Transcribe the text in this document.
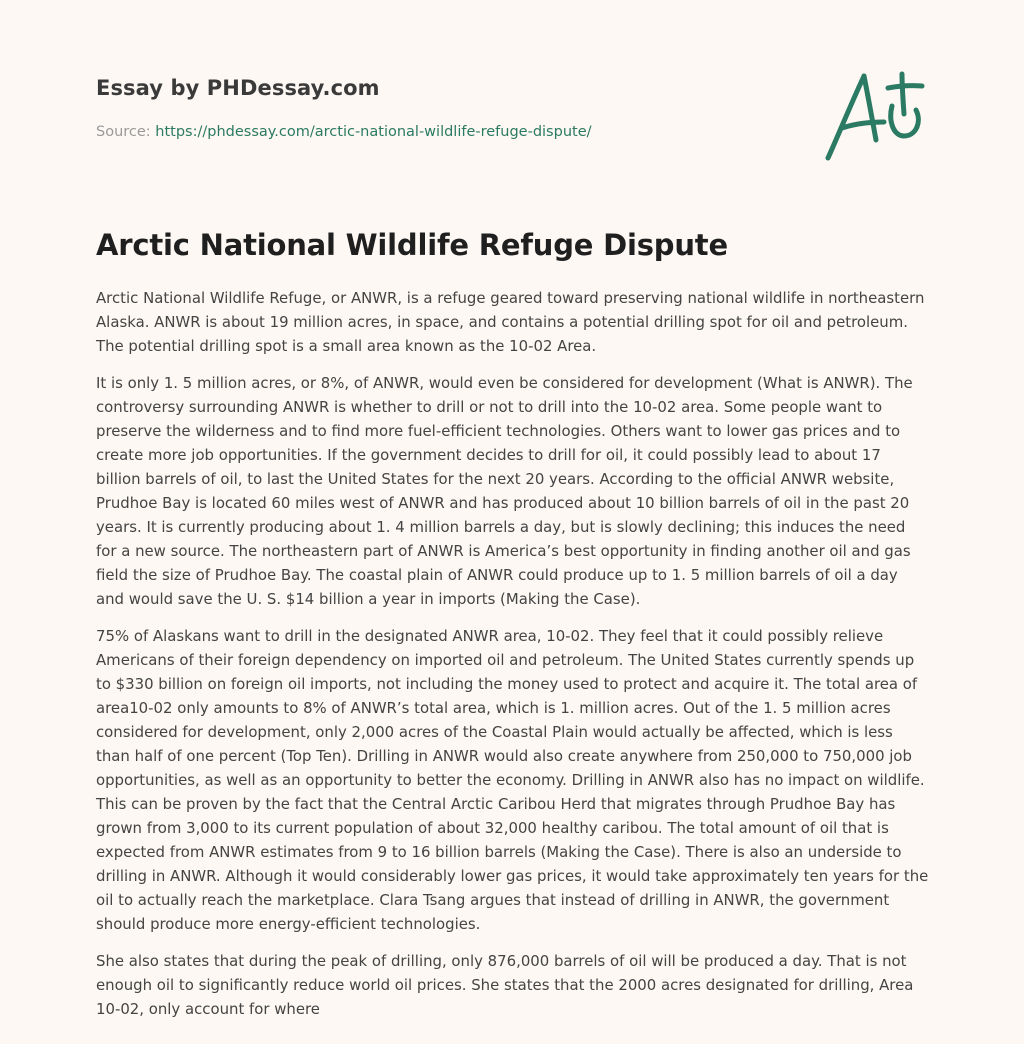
Essay by PHDessay.com
Source: https://phdessay.com/arctic-national-wildlife-refuge-dispute/
Arctic National Wildlife Refuge Dispute

Arctic National Wildlife Refuge, or ANWR, is a refuge geared toward preserving national wildlife in northeastern Alaska. ANWR is about 19 million acres, in space, and contains a potential drilling spot for oil and petroleum. The potential drilling spot is a small area known as the 10-02 Area.

It is only 1. 5 million acres, or 8%, of ANWR, would even be considered for development (What is ANWR). The controversy surrounding ANWR is whether to drill or not to drill into the 10-02 area. Some people want to preserve the wilderness and to find more fuel-efficient technologies. Others want to lower gas prices and to create more job opportunities. If the government decides to drill for oil, it could possibly lead to about 17 billion barrels of oil, to last the United States for the next 20 years. According to the official ANWR website, Prudhoe Bay is located 60 miles west of ANWR and has produced about 10 billion barrels of oil in the past 20 years. It is currently producing about 1. 4 million barrels a day, but is slowly declining; this induces the need for a new source. The northeastern part of ANWR is America’s best opportunity in finding another oil and gas field the size of Prudhoe Bay. The coastal plain of ANWR could produce up to 1. 5 million barrels of oil a day and would save the U. S. $14 billion a year in imports (Making the Case).

75% of Alaskans want to drill in the designated ANWR area, 10-02. They feel that it could possibly relieve Americans of their foreign dependency on imported oil and petroleum. The United States currently spends up to $330 billion on foreign oil imports, not including the money used to protect and acquire it. The total area of area10-02 only amounts to 8% of ANWR’s total area, which is 1. million acres. Out of the 1. 5 million acres considered for development, only 2,000 acres of the Coastal Plain would actually be affected, which is less than half of one percent (Top Ten). Drilling in ANWR would also create anywhere from 250,000 to 750,000 job opportunities, as well as an opportunity to better the economy. Drilling in ANWR also has no impact on wildlife. This can be proven by the fact that the Central Arctic Caribou Herd that migrates through Prudhoe Bay has grown from 3,000 to its current population of about 32,000 healthy caribou. The total amount of oil that is expected from ANWR estimates from 9 to 16 billion barrels (Making the Case). There is also an underside to drilling in ANWR. Although it would considerably lower gas prices, it would take approximately ten years for the oil to actually reach the marketplace. Clara Tsang argues that instead of drilling in ANWR, the government should produce more energy-efficient technologies.

She also states that during the peak of drilling, only 876,000 barrels of oil will be produced a day. That is not enough oil to significantly reduce world oil prices. She states that the 2000 acres designated for drilling, Area 10-02, only account for where
